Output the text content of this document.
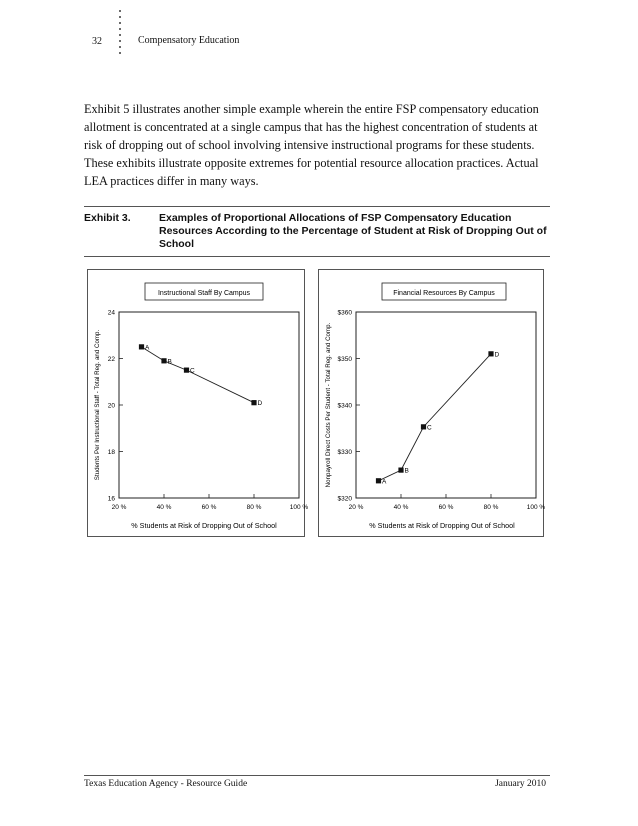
32	Compensatory Education
Exhibit 5 illustrates another simple example wherein the entire FSP compensatory education allotment is concentrated at a single campus that has the highest concentration of students at risk of dropping out of school involving intensive instructional programs for these students. These exhibits illustrate opposite extremes for potential resource allocation practices. Actual LEA practices differ in many ways.
Exhibit 3.	Examples of Proportional Allocations of FSP Compensatory Education Resources According to the Percentage of Student at Risk of Dropping Out of School
Instructional Staff By Campus
16
18
20
22
24
20 %	40 %	60 %	80 %	100 %
% Students at Risk of Dropping Out of School
Students Per Instructional Staff - Total Reg. and Comp.	A
B
C
D
Financial Resources By Campus
$320
$330
$340
$350
$360
20 %	40 %	60 %	80 %	100 %
% Students at Risk of Dropping Out of School
Nonpayroll Direct Costs Per Student - Total Reg. and Comp.	A
B
C
D
Texas Education Agency - Resource Guide	January 2010
